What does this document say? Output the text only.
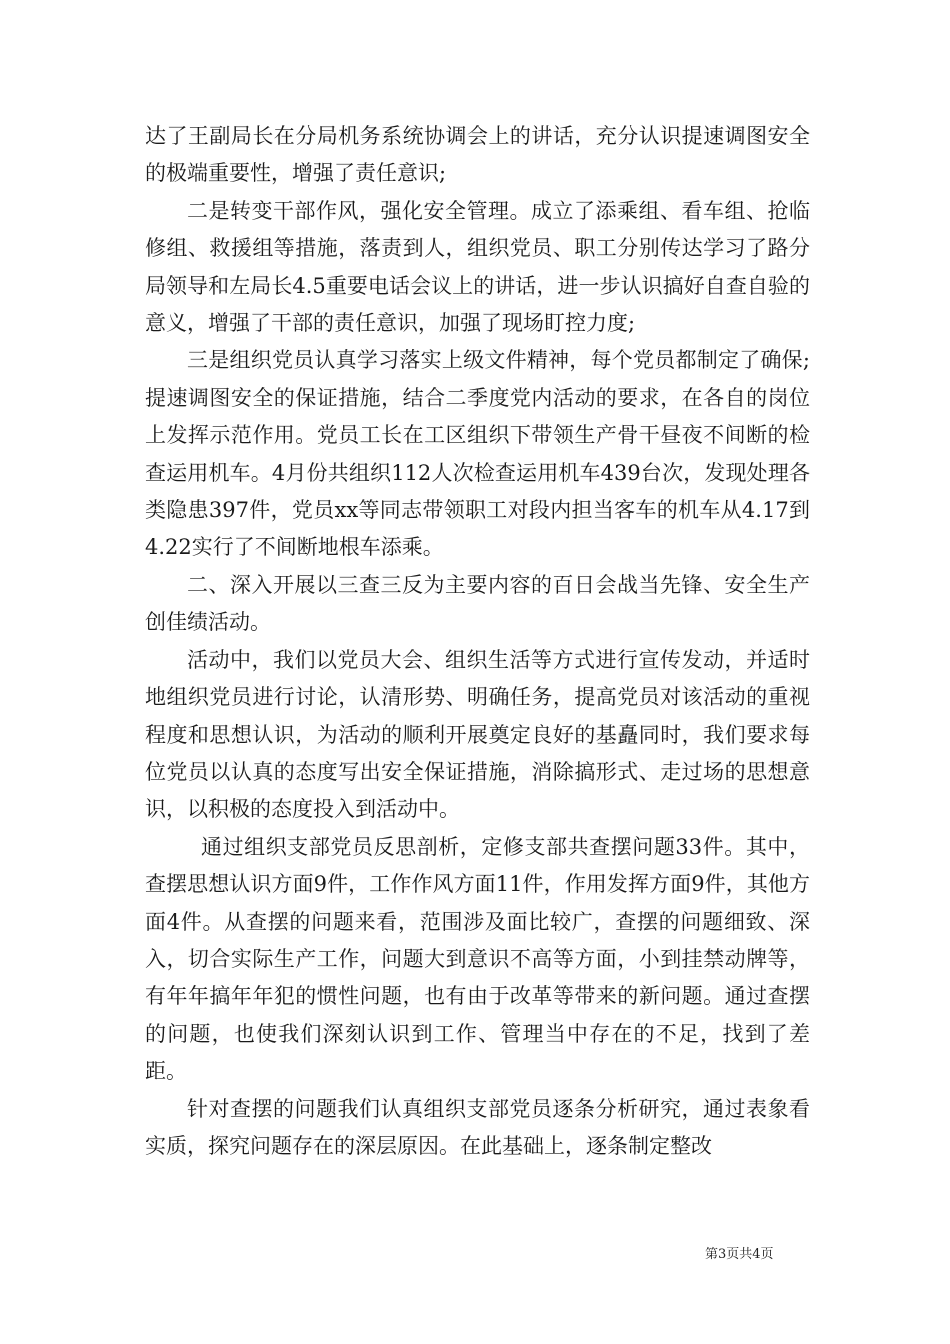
达了王副局长在分局机务系统协调会上的讲话，充分认识提速调图安全的极端重要性，增强了责任意识;

二是转变干部作风，强化安全管理。成立了添乘组、看车组、抢临修组、救援组等措施，落责到人，组织党员、职工分别传达学习了路分局领导和左局长4.5重要电话会议上的讲话，进一步认识搞好自查自验的意义，增强了干部的责任意识，加强了现场盯控力度;

三是组织党员认真学习落实上级文件精神，每个党员都制定了确保;提速调图安全的保证措施，结合二季度党内活动的要求，在各自的岗位上发挥示范作用。党员工长在工区组织下带领生产骨干昼夜不间断的检查运用机车。4月份共组织112人次检查运用机车439台次，发现处理各类隐患397件，党员xx等同志带领职工对段内担当客车的机车从4.17到4.22实行了不间断地根车添乘。

二、深入开展以三查三反为主要内容的百日会战当先锋、安全生产创佳绩活动。

活动中，我们以党员大会、组织生活等方式进行宣传发动，并适时地组织党员进行讨论，认清形势、明确任务，提高党员对该活动的重视程度和思想认识，为活动的顺利开展奠定良好的基矗同时，我们要求每位党员以认真的态度写出安全保证措施，消除搞形式、走过场的思想意识，以积极的态度投入到活动中。

通过组织支部党员反思剖析，定修支部共查摆问题33件。其中，查摆思想认识方面9件，工作作风方面11件，作用发挥方面9件，其他方面4件。从查摆的问题来看，范围涉及面比较广，查摆的问题细致、深入，切合实际生产工作，问题大到意识不高等方面，小到挂禁动牌等，有年年搞年年犯的惯性问题，也有由于改革等带来的新问题。通过查摆的问题，也使我们深刻认识到工作、管理当中存在的不足，找到了差距。

针对查摆的问题我们认真组织支部党员逐条分析研究，通过表象看实质，探究问题存在的深层原因。在此基础上，逐条制定整改

第3页共4页
